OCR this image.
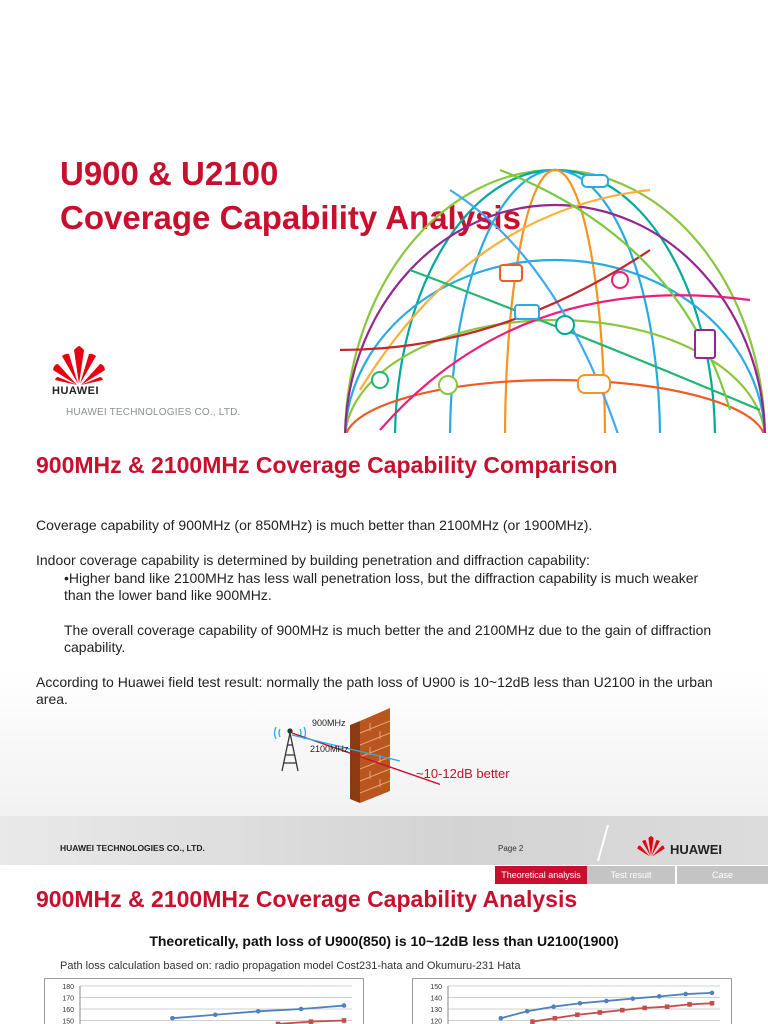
U900 & U2100
Coverage Capability Analysis
HUAWEI
HUAWEI TECHNOLOGIES CO., LTD.
900MHz & 2100MHz Coverage Capability Comparison
Coverage capability of 900MHz (or 850MHz) is much better than 2100MHz (or 1900MHz).
Indoor coverage capability is determined by building penetration and diffraction capability:
•Higher band like 2100MHz has less wall penetration loss, but the diffraction capability is much weaker
than the lower band like 900MHz.
The overall coverage capability of 900MHz is much better the and 2100MHz due to the gain of diffraction
capability.
According to Huawei field test result: normally the path loss of U900 is 10~12dB less than U2100 in the urban
area.
900MHz
2100MHz
~10-12dB better
HUAWEI TECHNOLOGIES CO., LTD.	Page 2	HUAWEI
Theoretical analysis	Test result	Case
900MHz & 2100MHz Coverage Capability Analysis
Theoretically, path loss of U900(850) is 10~12dB less than U2100(1900)
Path loss calculation based on: radio propagation model Cost231-hata and Okumuru-231 Hata
180
170
160
150
150
140
130
120
